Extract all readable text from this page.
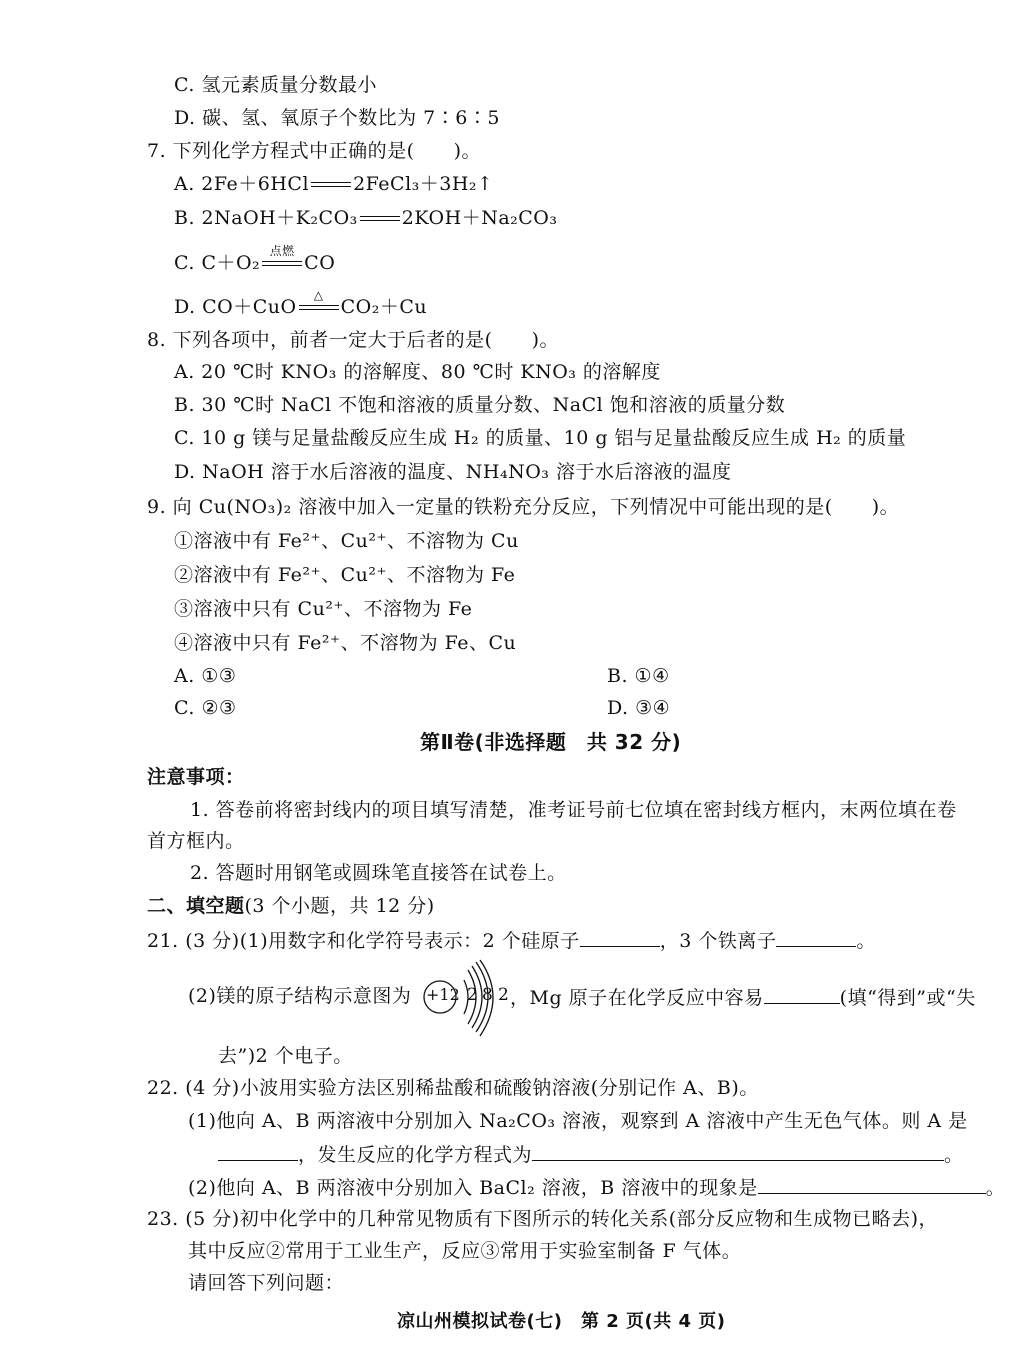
C. 氢元素质量分数最小
D. 碳、氢、氧原子个数比为 7∶6∶5
7. 下列化学方程式中正确的是(　　)。
A. 2Fe＋6HCl 2FeCl₃＋3H₂↑
B. 2NaOH＋K₂CO₃ 2KOH＋Na₂CO₃
C. C＋O₂
点燃
CO
D. CO＋CuO
△
CO₂＋Cu
8. 下列各项中，前者一定大于后者的是(　　)。
A. 20 ℃时 KNO₃ 的溶解度、80 ℃时 KNO₃ 的溶解度
B. 30 ℃时 NaCl 不饱和溶液的质量分数、NaCl 饱和溶液的质量分数
C. 10 g 镁与足量盐酸反应生成 H₂ 的质量、10 g 铝与足量盐酸反应生成 H₂ 的质量
D. NaOH 溶于水后溶液的温度、NH₄NO₃ 溶于水后溶液的温度
9. 向 Cu(NO₃)₂ 溶液中加入一定量的铁粉充分反应，下列情况中可能出现的是(　　)。
①溶液中有 Fe²⁺、Cu²⁺、不溶物为 Cu
②溶液中有 Fe²⁺、Cu²⁺、不溶物为 Fe
③溶液中只有 Cu²⁺、不溶物为 Fe
④溶液中只有 Fe²⁺、不溶物为 Fe、Cu
A. ①③	B. ①④
C. ②③	D. ③④
第Ⅱ卷(非选择题　共 32 分)
注意事项：
1. 答卷前将密封线内的项目填写清楚，准考证号前七位填在密封线方框内，末两位填在卷
首方框内。
2. 答题时用钢笔或圆珠笔直接答在试卷上。
二、填空题(3 个小题，共 12 分)
21. (3 分)(1)用数字和化学符号表示：2 个硅原子	，3 个铁离子	。
(2)镁的原子结构示意图为 +12 2 8 2 ，Mg 原子在化学反应中容易	(填“得到”或“失
去”)2 个电子。
22. (4 分)小波用实验方法区别稀盐酸和硫酸钠溶液(分别记作 A、B)。
(1)他向 A、B 两溶液中分别加入 Na₂CO₃ 溶液，观察到 A 溶液中产生无色气体。则 A 是
，发生反应的化学方程式为	。
(2)他向 A、B 两溶液中分别加入 BaCl₂ 溶液，B 溶液中的现象是	。
23. (5 分)初中化学中的几种常见物质有下图所示的转化关系(部分反应物和生成物已略去)，
其中反应②常用于工业生产，反应③常用于实验室制备 F 气体。
请回答下列问题：
凉山州模拟试卷(七)　第 2 页(共 4 页)
